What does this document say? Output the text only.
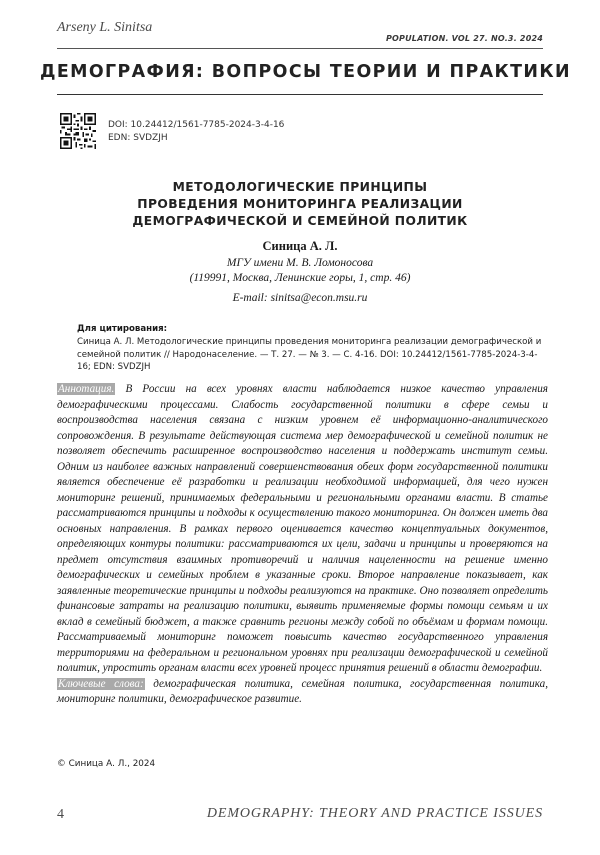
Arseny L. Sinitsa
POPULATION. VOL 27. NO.3. 2024
ДЕМОГРАФИЯ: ВОПРОСЫ ТЕОРИИ И ПРАКТИКИ
DOI: 10.24412/1561-7785-2024-3-4-16
EDN: SVDZJH
МЕТОДОЛОГИЧЕСКИЕ ПРИНЦИПЫ
ПРОВЕДЕНИЯ МОНИТОРИНГА РЕАЛИЗАЦИИ
ДЕМОГРАФИЧЕСКОЙ И СЕМЕЙНОЙ ПОЛИТИК
Синица А. Л.
МГУ имени М. В. Ломоносова
(119991, Москва, Ленинские горы, 1, стр. 46)
E-mail: sinitsa@econ.msu.ru
Для цитирования:
Синица А. Л. Методологические принципы проведения мониторинга реализации демографической и семейной политик // Народонаселение. — Т. 27. — № 3. — С. 4-16. DOI: 10.24412/1561-7785-2024-3-4-16; EDN: SVDZJH

Аннотация. В России на всех уровнях власти наблюдается низкое качество управления демографическими процессами. Слабость государственной политики в сфере семьи и воспроизводства населения связана с низким уровнем её информационно-аналитического сопровождения. В результате действующая система мер демографической и семейной политик не позволяет обеспечить расширенное воспроизводство населения и поддержать институт семьи. Одним из наиболее важных направлений совершенствования обеих форм государственной политики является обеспечение её разработки и реализации необходимой информацией, для чего нужен мониторинг решений, принимаемых федеральными и региональными органами власти. В статье рассматриваются принципы и подходы к осуществлению такого мониторинга. Он должен иметь два основных направления. В рамках первого оценивается качество концептуальных документов, определяющих контуры политики: рассматриваются их цели, задачи и принципы и проверяются на предмет отсутствия взаимных противоречий и наличия нацеленности на решение именно демографических и семейных проблем в указанные сроки. Второе направление показывает, как заявленные теоретические принципы и подходы реализуются на практике. Оно позволяет определить финансовые затраты на реализацию политики, выявить применяемые формы помощи семьям и их вклад в семейный бюджет, а также сравнить регионы между собой по объёмам и формам помощи. Рассматриваемый мониторинг поможет повысить качество государственного управления территориями на федеральном и региональном уровнях при реализации демографической и семейной политик, упростить органам власти всех уровней процесс принятия решений в области демографии.

Ключевые слова: демографическая политика, семейная политика, государственная политика, мониторинг политики, демографическое развитие.

© Синица А. Л., 2024
4	DEMOGRAPHY: THEORY AND PRACTICE ISSUES
